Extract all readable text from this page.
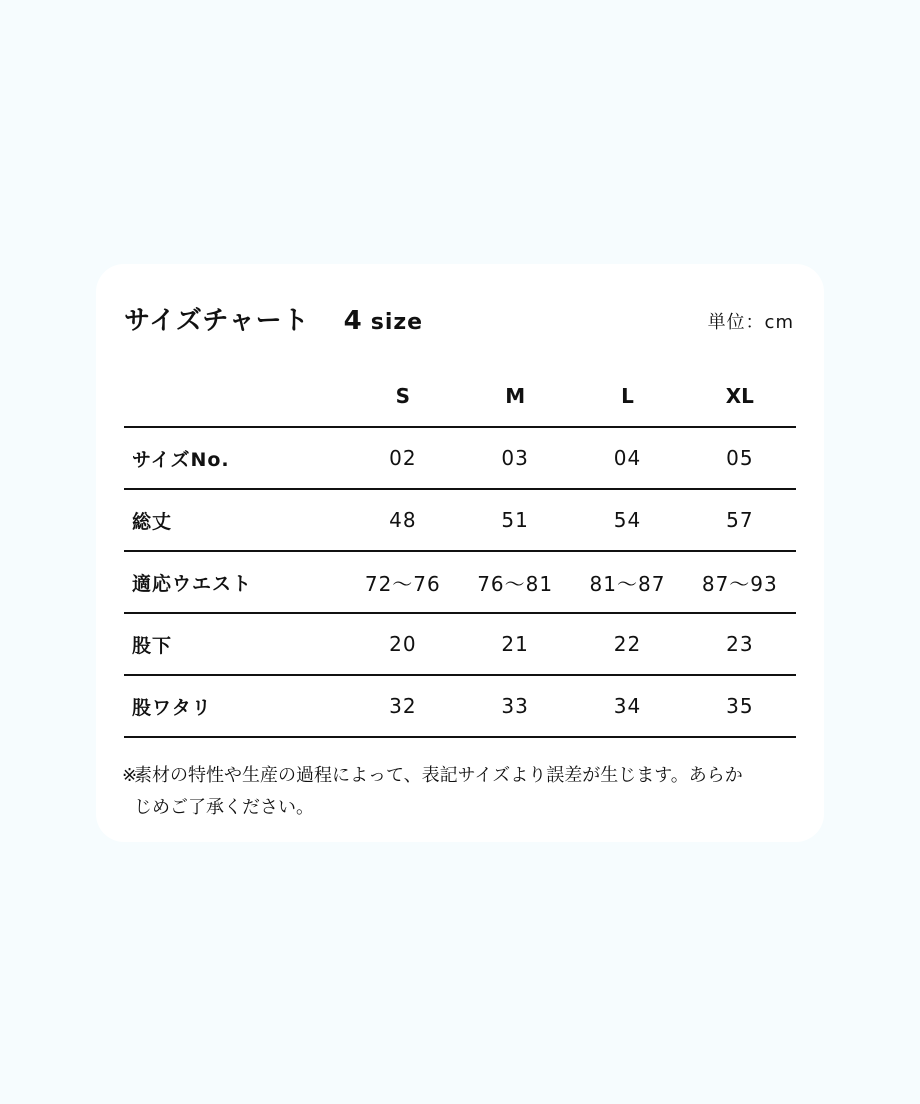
サイズチャート 4 size	単位：cm
	S	M	L	XL
サイズNo.	02	03	04	05
総丈	48	51	54	57
適応ウエスト	72〜76	76〜81	81〜87	87〜93
股下	20	21	22	23
股ワタリ	32	33	34	35
※素材の特性や生産の過程によって、表記サイズより誤差が生じます。あらか
じめご了承ください。
